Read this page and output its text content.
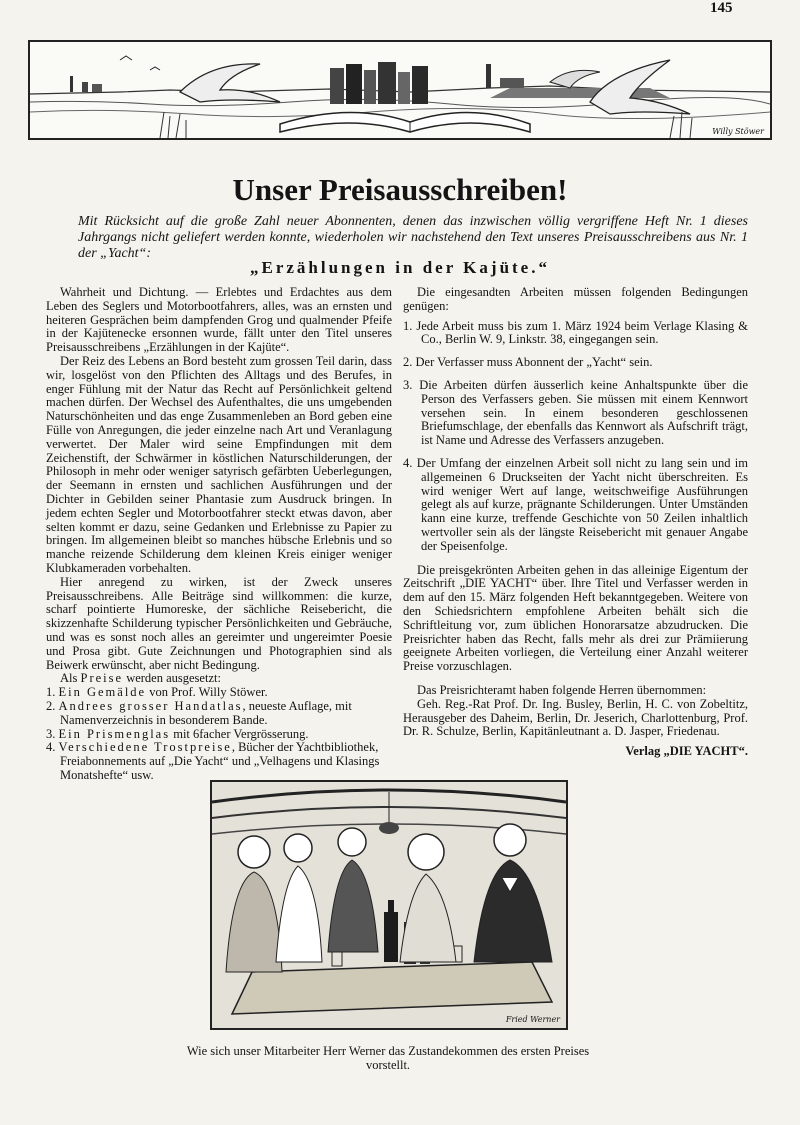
145
Willy Stöwer
Unser Preisausschreiben!

Mit Rücksicht auf die große Zahl neuer Abonnenten, denen das inzwischen völlig vergriffene Heft Nr. 1 dieses Jahrgangs nicht geliefert werden konnte, wiederholen wir nachstehend den Text unseres Preisausschreibens aus Nr. 1 der „Yacht“:

„Erzählungen in der Kajüte.“

Wahrheit und Dichtung. — Erlebtes und Erdachtes aus dem Leben des Seglers und Motorbootfahrers, alles, was an ernsten und heiteren Gesprächen beim dampfenden Grog und qualmender Pfeife in der Kajütenecke ersonnen wurde, fällt unter den Titel unseres Preisausschreibens „Erzählungen in der Kajüte“.

Der Reiz des Lebens an Bord besteht zum grossen Teil darin, dass wir, losgelöst von den Pflichten des Alltags und des Berufes, in enger Fühlung mit der Natur das Recht auf Persönlichkeit geltend machen dürfen. Der Wechsel des Aufenthaltes, die uns umgebenden Naturschönheiten und das enge Zusammenleben an Bord geben eine Fülle von Anregungen, die jeder einzelne nach Art und Veranlagung verwertet. Der Maler wird seine Empfindungen mit dem Zeichenstift, der Schwärmer in köstlichen Naturschilderungen, der Philosoph in mehr oder weniger satyrisch gefärbten Ueberlegungen, der Seemann in ernsten und sachlichen Ausführungen und der Dichter in Gebilden seiner Phantasie zum Ausdruck bringen. In jedem echten Segler und Motorbootfahrer steckt etwas davon, aber selten kommt er dazu, seine Gedanken und Erlebnisse zu Papier zu bringen. Im allgemeinen bleibt so manches hübsche Erlebnis und so manche reizende Schilderung dem kleinen Kreis einiger weniger Klubkameraden vorbehalten.

Hier anregend zu wirken, ist der Zweck unseres Preisausschreibens. Alle Beiträge sind willkommen: die kurze, scharf pointierte Humoreske, der sächliche Reisebericht, die skizzenhafte Schilderung typischer Persönlichkeiten und Gebräuche, und was es sonst noch alles an gereimter und ungereimter Poesie und Prosa gibt. Gute Zeichnungen und Photographien sind als Beiwerk erwünscht, aber nicht Bedingung.

Als Preise werden ausgesetzt:

1. Ein Gemälde von Prof. Willy Stöwer.
2. Andrees grosser Handatlas, neueste Auflage, mit Namenverzeichnis in besonderem Bande.
3. Ein Prismenglas mit 6facher Vergrösserung.
4. Verschiedene Trostpreise, Bücher der Yachtbibliothek, Freiabonnements auf „Die Yacht“ und „Velhagens und Klasings Monatshefte“ usw.

Die eingesandten Arbeiten müssen folgenden Bedingungen genügen:

1. Jede Arbeit muss bis zum 1. März 1924 beim Verlage Klasing & Co., Berlin W. 9, Linkstr. 38, eingegangen sein.
2. Der Verfasser muss Abonnent der „Yacht“ sein.
3. Die Arbeiten dürfen äusserlich keine Anhaltspunkte über die Person des Verfassers geben. Sie müssen mit einem Kennwort versehen sein. In einem besonderen geschlossenen Briefumschlage, der ebenfalls das Kennwort als Aufschrift trägt, ist Name und Adresse des Verfassers anzugeben.
4. Der Umfang der einzelnen Arbeit soll nicht zu lang sein und im allgemeinen 6 Druckseiten der Yacht nicht überschreiten. Es wird weniger Wert auf lange, weitschweifige Ausführungen gelegt als auf kurze, prägnante Schilderungen. Unter Umständen kann eine kurze, treffende Geschichte von 50 Zeilen inhaltlich wertvoller sein als der längste Reisebericht mit genauer Angabe der Speisenfolge.

Die preisgekrönten Arbeiten gehen in das alleinige Eigentum der Zeitschrift „DIE YACHT“ über. Ihre Titel und Verfasser werden in dem auf den 15. März folgenden Heft bekanntgegeben. Weitere von den Schiedsrichtern empfohlene Arbeiten behält sich die Schriftleitung vor, zum üblichen Honorarsatze abzudrucken. Die Preisrichter haben das Recht, falls mehr als drei zur Prämiierung geeignete Arbeiten vorliegen, die Verteilung einer Anzahl weiterer Preise vorzuschlagen.

Das Preisrichteramt haben folgende Herren übernommen:

Geh. Reg.-Rat Prof. Dr. Ing. Busley, Berlin, H. C. von Zobeltitz, Herausgeber des Daheim, Berlin, Dr. Jeserich, Charlottenburg, Prof. Dr. R. Schulze, Berlin, Kapitänleutnant a. D. Jasper, Friedenau.

Verlag „DIE YACHT“.
Fried Werner

Wie sich unser Mitarbeiter Herr Werner das Zustandekommen des ersten Preises vorstellt.
